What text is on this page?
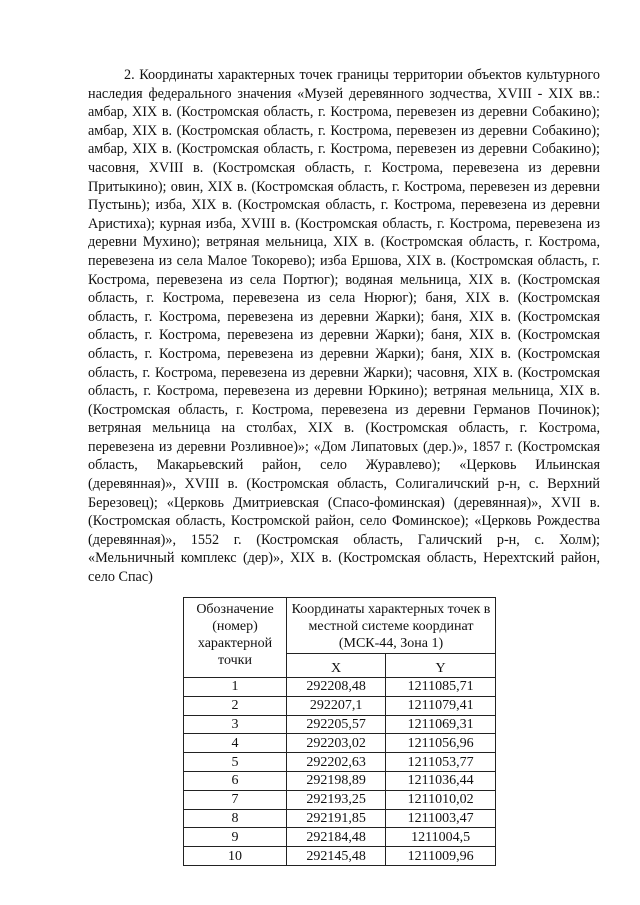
2. Координаты характерных точек границы территории объектов культурного наследия федерального значения «Музей деревянного зодчества, XVIII - XIX вв.: амбар, XIX в. (Костромская область, г. Кострома, перевезен из деревни Собакино); амбар, XIX в. (Костромская область, г. Кострома, перевезен из деревни Собакино); амбар, XIX в. (Костромская область, г. Кострома, перевезен из деревни Собакино); часовня, XVIII в. (Костромская область, г. Кострома, перевезена из деревни Притыкино); овин, XIX в. (Костромская область, г. Кострома, перевезен из деревни Пустынь); изба, XIX в. (Костромская область, г. Кострома, перевезена из деревни Аристиха); курная изба, XVIII в. (Костромская область, г. Кострома, перевезена из деревни Мухино); ветряная мельница, XIX в. (Костромская область, г. Кострома, перевезена из села Малое Токорево); изба Ершова, XIX в. (Костромская область, г. Кострома, перевезена из села Портюг); водяная мельница, XIX в. (Костромская область, г. Кострома, перевезена из села Нюрюг); баня, XIX в. (Костромская область, г. Кострома, перевезена из деревни Жарки); баня, XIX в. (Костромская область, г. Кострома, перевезена из деревни Жарки); баня, XIX в. (Костромская область, г. Кострома, перевезена из деревни Жарки); баня, XIX в. (Костромская область, г. Кострома, перевезена из деревни Жарки); часовня, XIX в. (Костромская область, г. Кострома, перевезена из деревни Юркино); ветряная мельница, XIX в. (Костромская область, г. Кострома, перевезена из деревни Германов Починок); ветряная мельница на столбах, XIX в. (Костромская область, г. Кострома, перевезена из деревни Розливное)»; «Дом Липатовых (дер.)», 1857 г. (Костромская область, Макарьевский район, село Журавлево); «Церковь Ильинская (деревянная)», XVIII в. (Костромская область, Солигаличский р-н, с. Верхний Березовец); «Церковь Дмитриевская (Спасо-фоминская) (деревянная)», XVII в. (Костромская область, Костромской район, село Фоминское); «Церковь Рождества (деревянная)», 1552 г. (Костромская область, Галичский р-н, с. Холм); «Мельничный комплекс (дер)», XIX в. (Костромская область, Нерехтский район, село Спас)

Обозначение (номер) характерной точки	Координаты характерных точек в местной системе координат (МСК-44, Зона 1)	
	X	Y
1	292208,48	1211085,71
2	292207,1	1211079,41
3	292205,57	1211069,31
4	292203,02	1211056,96
5	292202,63	1211053,77
6	292198,89	1211036,44
7	292193,25	1211010,02
8	292191,85	1211003,47
9	292184,48	1211004,5
10	292145,48	1211009,96
